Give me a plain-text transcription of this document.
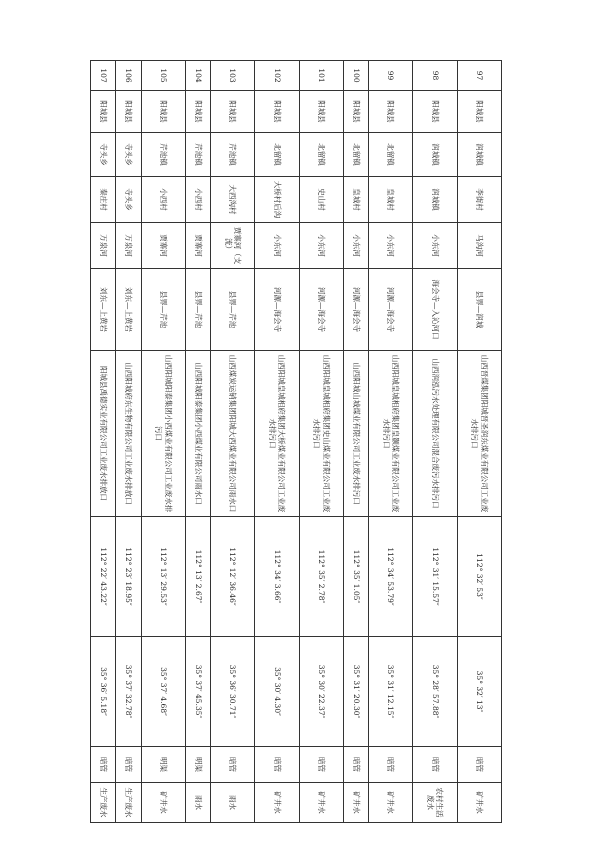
97	阳城县	润城镇	李街村	马沟河	县界—润城	山西晋煤集团阳城晋圣润东煤业有限公司工业废水排污口	112° 32′ 53″	35° 32′ 13″	暗管	矿井水
98	阳城县	润城镇	润城镇	小东河	海会寺—入沁河口	山西润泓污水处理有限公司混合废污水排污口	112° 31′ 15.57″	35° 28′ 57.88″	暗管	农村生活废水
99	阳城县	北留镇	皇城村	小东河	河源—海会寺	山西阳城皇城相府集团皇颢煤业有限公司工业废水排污口	112° 34′ 53.79″	35° 31′ 12.15″	暗管	矿井水
100	阳城县	北留镇	皇城村	小东河	河源—海会寺	山西阳城山城煤业有限公司工业废水排污口	112° 35′ 1.05″	35° 31′ 20.30″	暗管	矿井水
101	阳城县	北留镇	史山村	小东河	河源—海会寺	山西阳城皇城相府集团史山煤业有限公司工业废水排污口	112° 35′ 2.78″	35° 30′ 22.37″	暗管	矿井水
102	阳城县	北留镇	大桥村后沟	小东河	河源—海会寺	山西阳城皇城相府集团大桥煤业有限公司工业废水排污口	112° 34′ 3.66″	35° 30′ 4.30″	暗管	矿井水
103	阳城县	芹池镇	大西沟村	贾寨河（支流）	县界—芹池	山西煤炭运销集团阳城大西煤业有限公司雨水口	112° 12′ 36.46″	35° 36′ 30.71″	暗管	雨水
104	阳城县	芹池镇	小西村	贾寨河	县界—芹池	山西阳城阳泰集团小西煤业有限公司雨水口	112° 13′ 2.67″	35° 37′ 45.35″	明渠	雨水
105	阳城县	芹池镇	小西村	贾寨河	县界—芹池	山西阳城阳泰集团小西煤业有限公司工业废水排污口	112° 13′ 29.53″	35° 37′ 4.68″	明渠	矿井水
106	阳城县	寺头乡	寺头乡	万泉河	刘东—上黄岩	山西阳城府东生物有限公司工业废水排放口	112° 23′ 18.95″	35° 37′ 32.78″	暗管	生产废水
107	阳城县	寺头乡	秦庄村	万泉河	刘东—上黄岩	阳城县禹德实业有限公司工业废水排放口	112° 22′ 43.22″	35° 36′ 5.18″	暗管	生产废水
